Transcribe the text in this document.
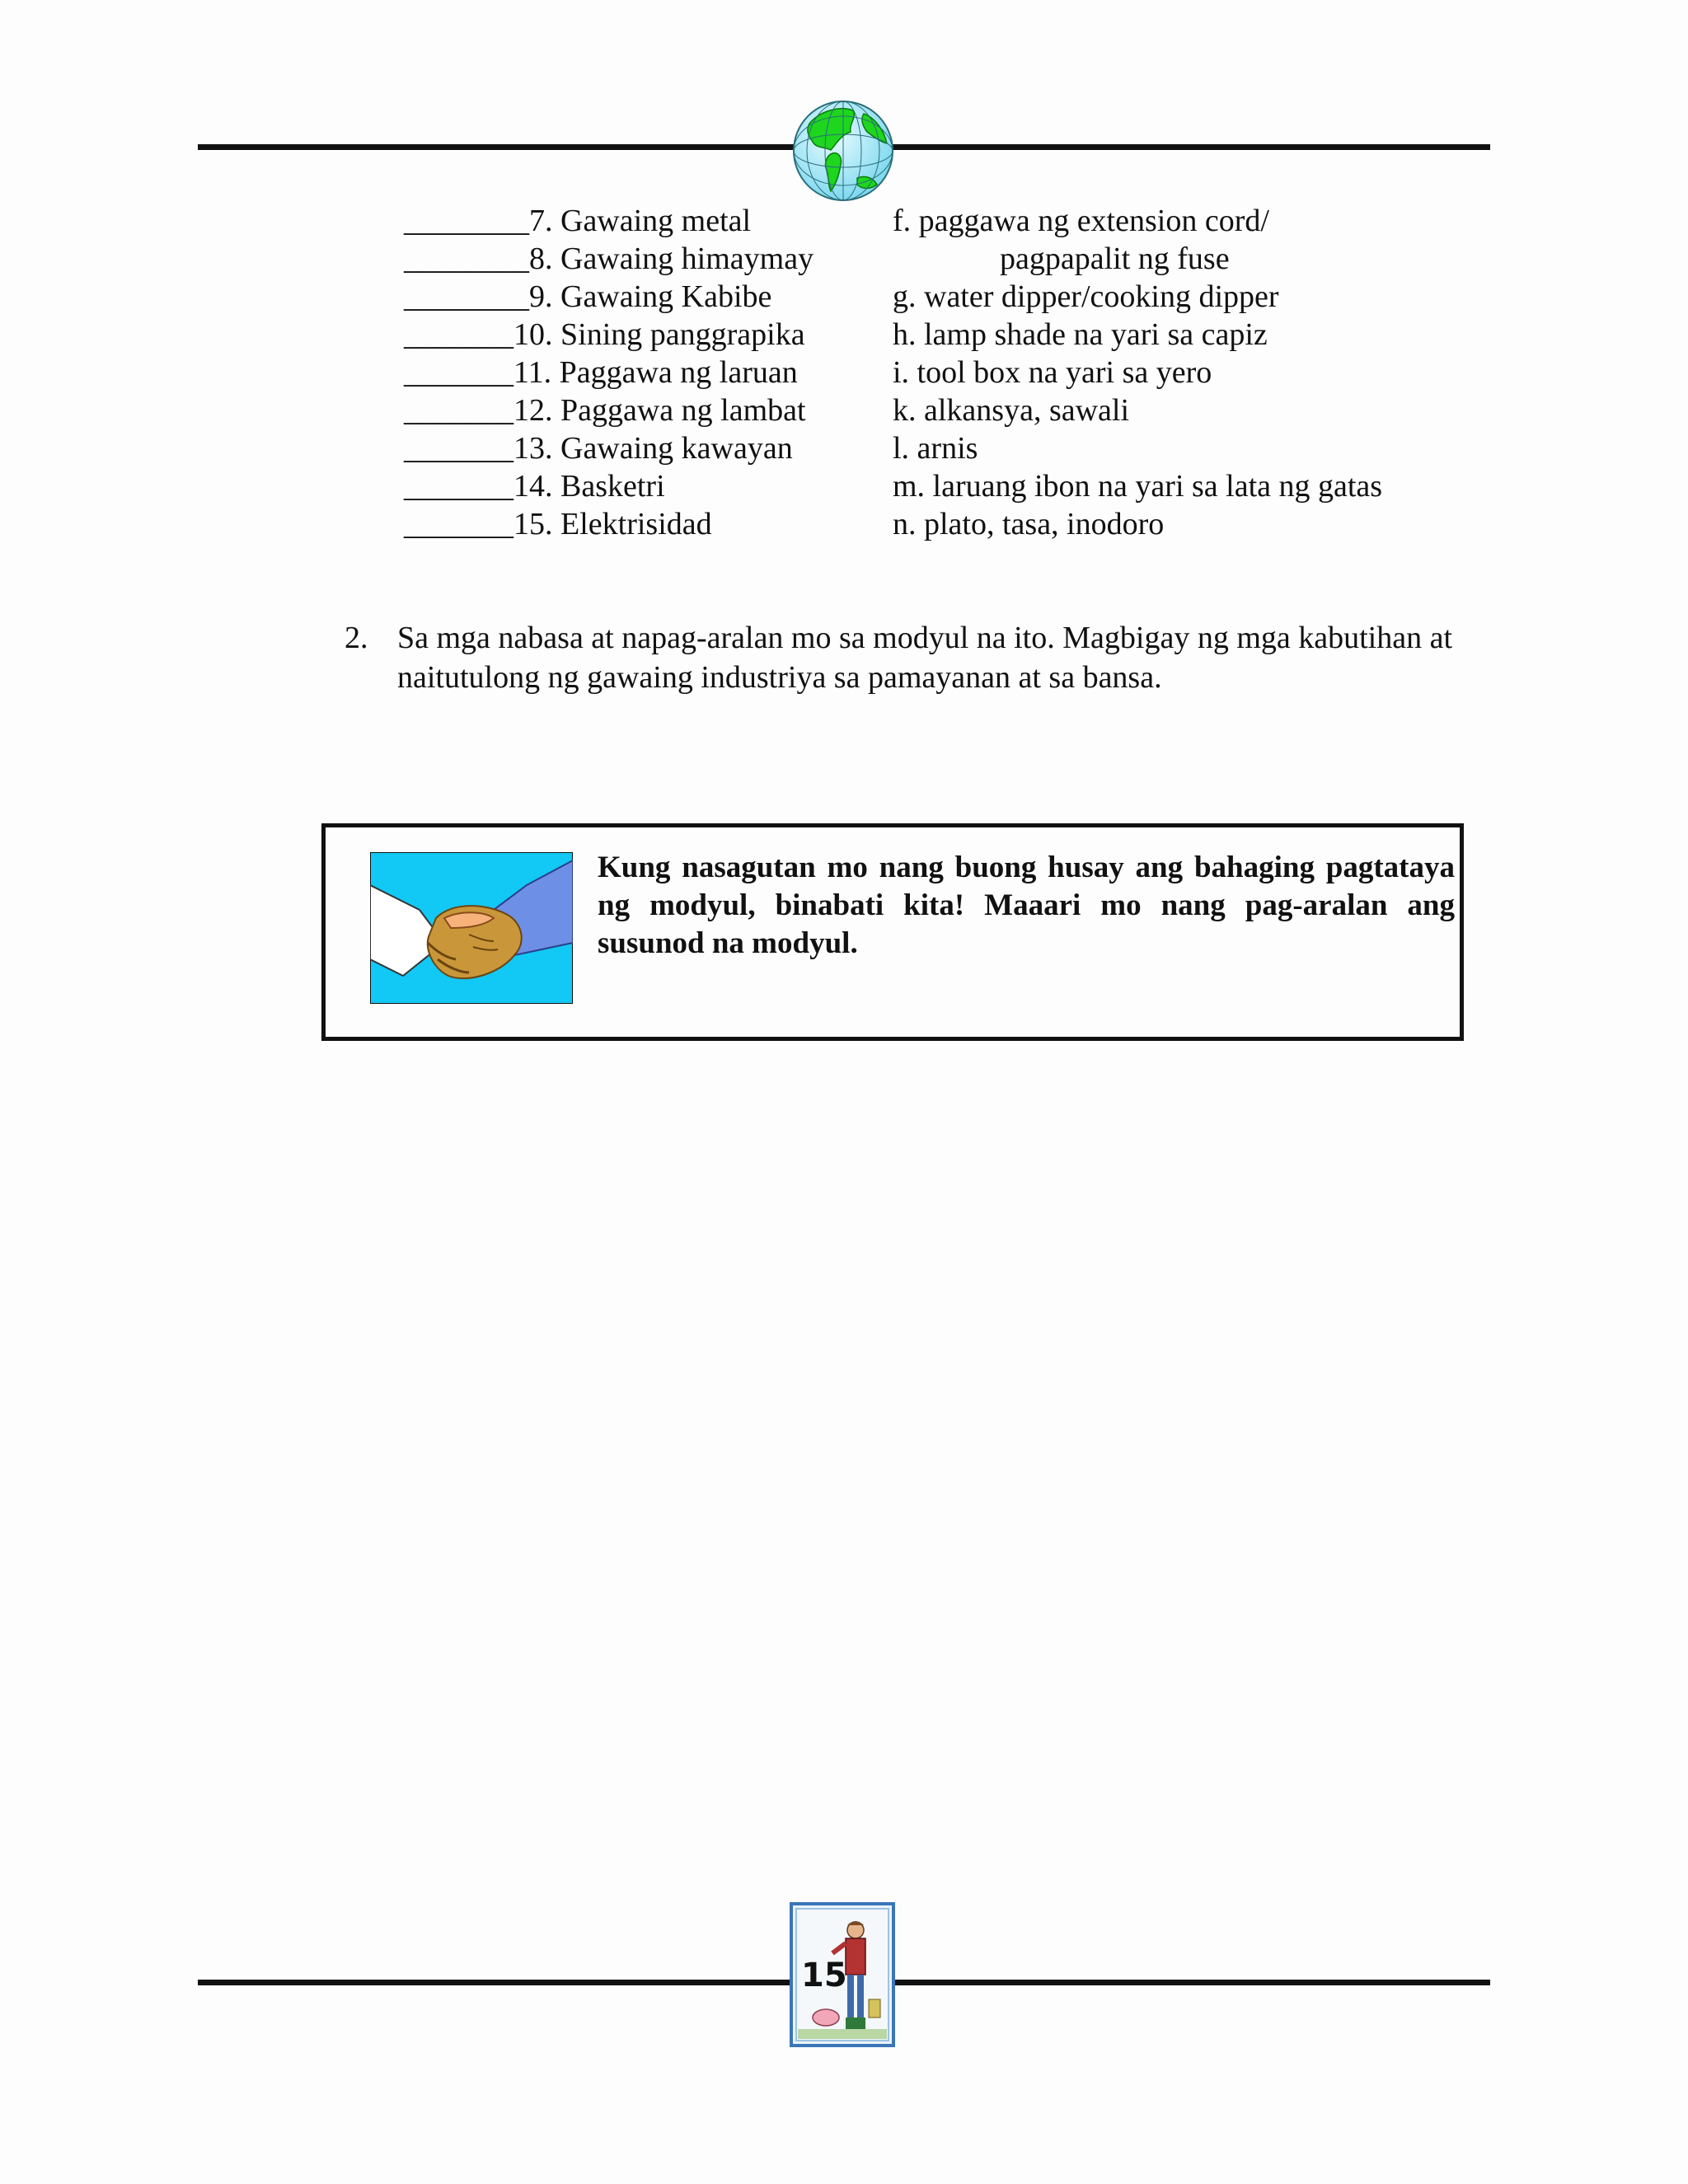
________7. Gawaing metal
________8. Gawaing himaymay
________9. Gawaing Kabibe
_______10. Sining panggrapika
_______11. Paggawa ng laruan
_______12. Paggawa ng lambat
_______13. Gawaing kawayan
_______14. Basketri
_______15. Elektrisidad
f. paggawa ng extension cord/
pagpapalit ng fuse
g. water dipper/cooking dipper
h. lamp shade na yari sa capiz
i. tool box na yari sa yero
k. alkansya, sawali
l. arnis
m. laruang ibon na yari sa lata ng gatas
n. plato, tasa, inodoro
2. Sa mga nabasa at napag-aralan mo sa modyul na ito. Magbigay ng mga kabutihan at naitutulong ng gawaing industriya sa pamayanan at sa bansa.
Kung nasagutan mo nang buong husay ang bahaging pagtataya ng modyul, binabati kita! Maaari mo nang pag-aralan ang susunod na modyul.
15
